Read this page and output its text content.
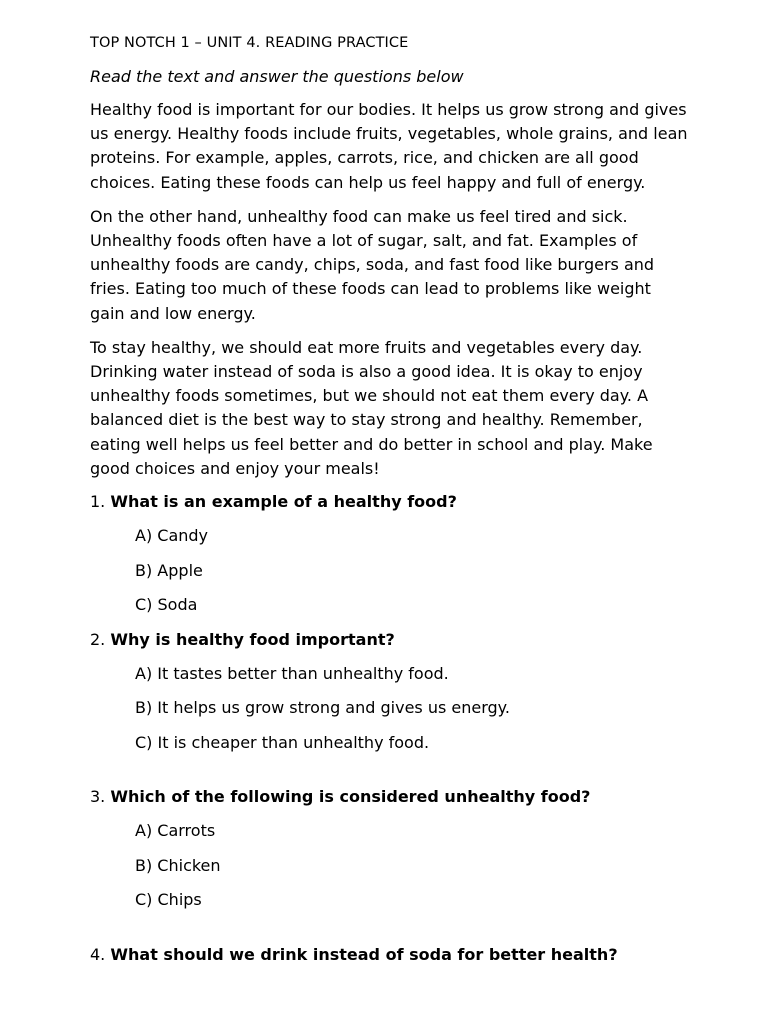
TOP NOTCH 1 – UNIT 4. READING PRACTICE
Read the text and answer the questions below

Healthy food is important for our bodies. It helps us grow strong and gives us energy. Healthy foods include fruits, vegetables, whole grains, and lean proteins. For example, apples, carrots, rice, and chicken are all good choices. Eating these foods can help us feel happy and full of energy.

On the other hand, unhealthy food can make us feel tired and sick. Unhealthy foods often have a lot of sugar, salt, and fat. Examples of unhealthy foods are candy, chips, soda, and fast food like burgers and fries. Eating too much of these foods can lead to problems like weight gain and low energy.

To stay healthy, we should eat more fruits and vegetables every day. Drinking water instead of soda is also a good idea. It is okay to enjoy unhealthy foods sometimes, but we should not eat them every day. A balanced diet is the best way to stay strong and healthy. Remember, eating well helps us feel better and do better in school and play. Make good choices and enjoy your meals!

1. What is an example of a healthy food?
A) Candy
B) Apple
C) Soda
2. Why is healthy food important?
A) It tastes better than unhealthy food.
B) It helps us grow strong and gives us energy.
C) It is cheaper than unhealthy food.
3. Which of the following is considered unhealthy food?
A) Carrots
B) Chicken
C) Chips
4. What should we drink instead of soda for better health?
